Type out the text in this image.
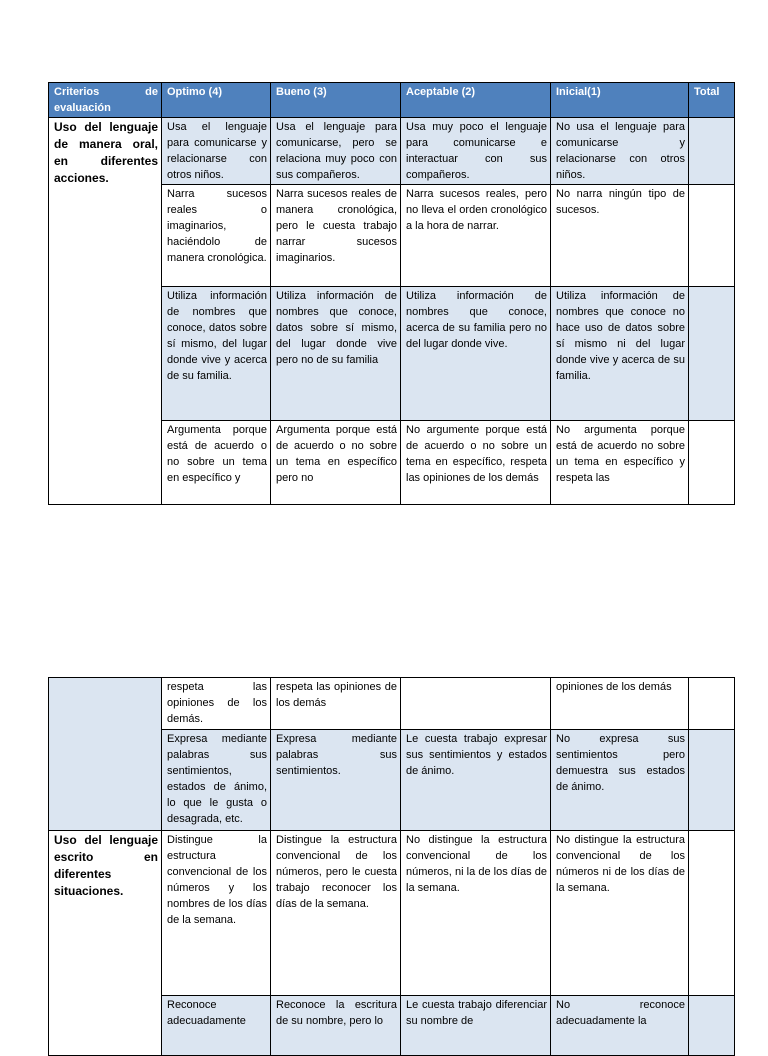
Criterios de evaluación	Optimo (4)	Bueno (3)	Aceptable (2)	Inicial(1)	Total
Uso del lenguaje de manera oral, en diferentes acciones.	Usa el lenguaje para comunicarse y relacionarse con otros niños.	Usa el lenguaje para comunicarse, pero se relaciona muy poco con sus compañeros.	Usa muy poco el lenguaje para comunicarse e interactuar con sus compañeros.	No usa el lenguaje para comunicarse y relacionarse con otros niños.	
	Narra sucesos reales o imaginarios, haciéndolo de manera cronológica.	Narra sucesos reales de manera cronológica, pero le cuesta trabajo narrar sucesos imaginarios.	Narra sucesos reales, pero no lleva el orden cronológico a la hora de narrar.	No narra ningún tipo de sucesos.	
	Utiliza información de nombres que conoce, datos sobre sí mismo, del lugar donde vive y acerca de su familia.	Utiliza información de nombres que conoce, datos sobre sí mismo, del lugar donde vive pero no de su familia	Utiliza información de nombres que conoce, acerca de su familia pero no del lugar donde vive.	Utiliza información de nombres que conoce no hace uso de datos sobre sí mismo ni del lugar donde vive y acerca de su familia.	
	Argumenta porque está de acuerdo o no sobre un tema en específico y	Argumenta porque está de acuerdo o no sobre un tema en específico pero no	No argumente porque está de acuerdo o no sobre un tema en específico, respeta las opiniones de los demás	No argumenta porque está de acuerdo no sobre un tema en específico y respeta las	
	respeta las opiniones de los demás.	respeta las opiniones de los demás		opiniones de los demás	
	Expresa mediante palabras sus sentimientos, estados de ánimo, lo que le gusta o desagrada, etc.	Expresa mediante palabras sus sentimientos.	Le cuesta trabajo expresar sus sentimientos y estados de ánimo.	No expresa sus sentimientos pero demuestra sus estados de ánimo.	
Uso del lenguaje escrito en diferentes situaciones.	Distingue la estructura convencional de los números y los nombres de los días de la semana.	Distingue la estructura convencional de los números, pero le cuesta trabajo reconocer los días de la semana.	No distingue la estructura convencional de los números, ni la de los días de la semana.	No distingue la estructura convencional de los números ni de los días de la semana.	
	Reconoce adecuadamente	Reconoce la escritura de su nombre, pero lo	Le cuesta trabajo diferenciar su nombre de	No reconoce adecuadamente la	
